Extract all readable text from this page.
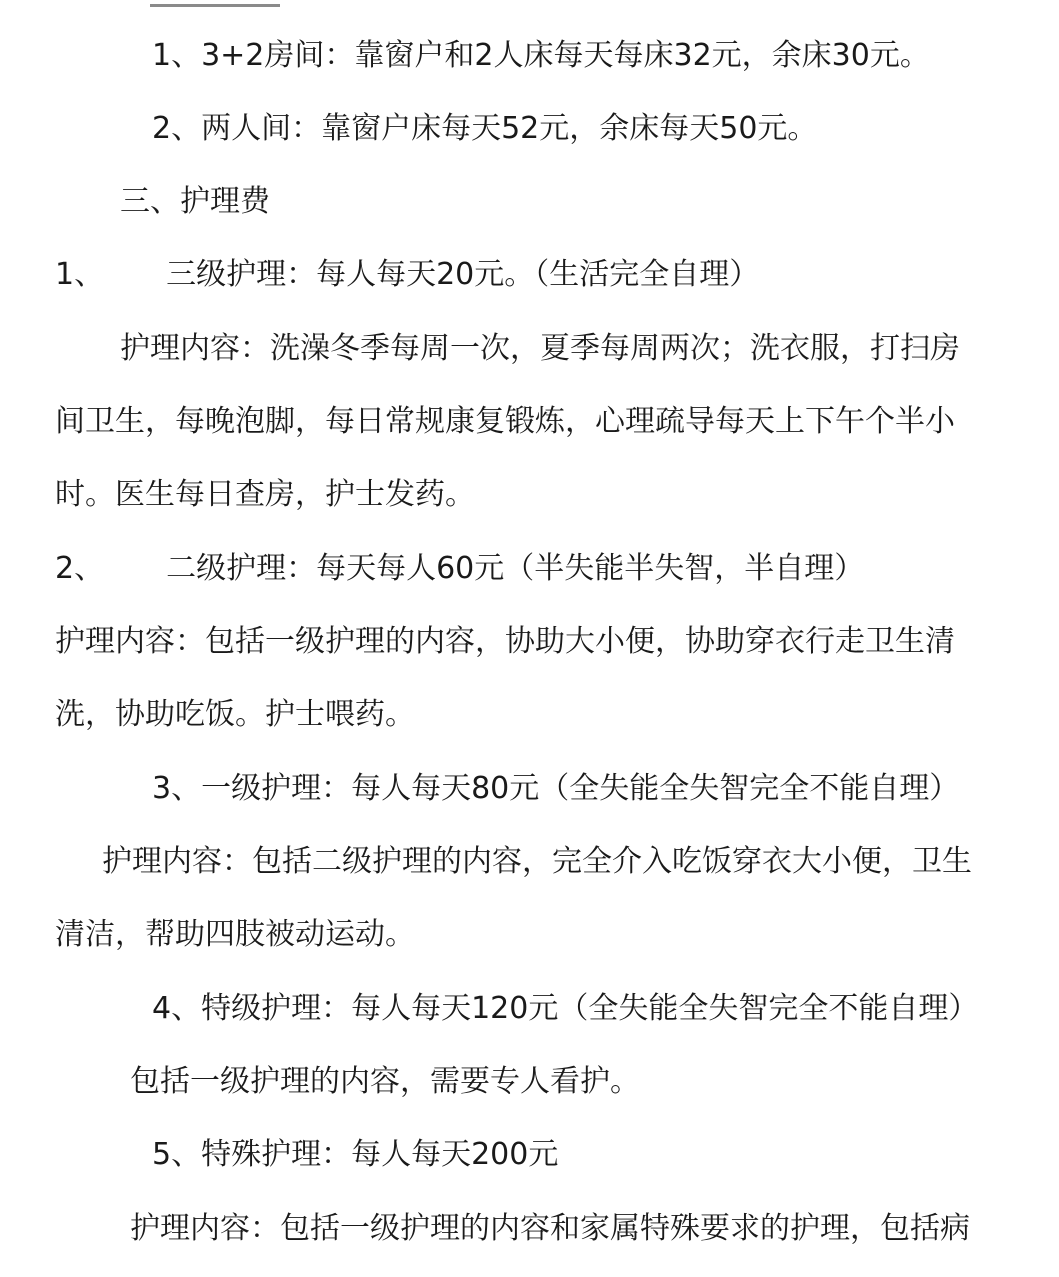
1、3+2房间：靠窗户和2人床每天每床32元，余床30元。
2、两人间：靠窗户床每天52元，余床每天50元。
三、护理费
1、 三级护理：每人每天20元。（生活完全自理）
护理内容：洗澡冬季每周一次，夏季每周两次；洗衣服，打扫房
间卫生，每晚泡脚，每日常规康复锻炼，心理疏导每天上下午个半小
时。医生每日查房，护士发药。
2、 二级护理：每天每人60元（半失能半失智，半自理）
护理内容：包括一级护理的内容，协助大小便，协助穿衣行走卫生清
洗，协助吃饭。护士喂药。
3、一级护理：每人每天80元（全失能全失智完全不能自理）
护理内容：包括二级护理的内容，完全介入吃饭穿衣大小便，卫生
清洁，帮助四肢被动运动。
4、特级护理：每人每天120元（全失能全失智完全不能自理）
包括一级护理的内容，需要专人看护。
5、特殊护理：每人每天200元
护理内容：包括一级护理的内容和家属特殊要求的护理，包括病
